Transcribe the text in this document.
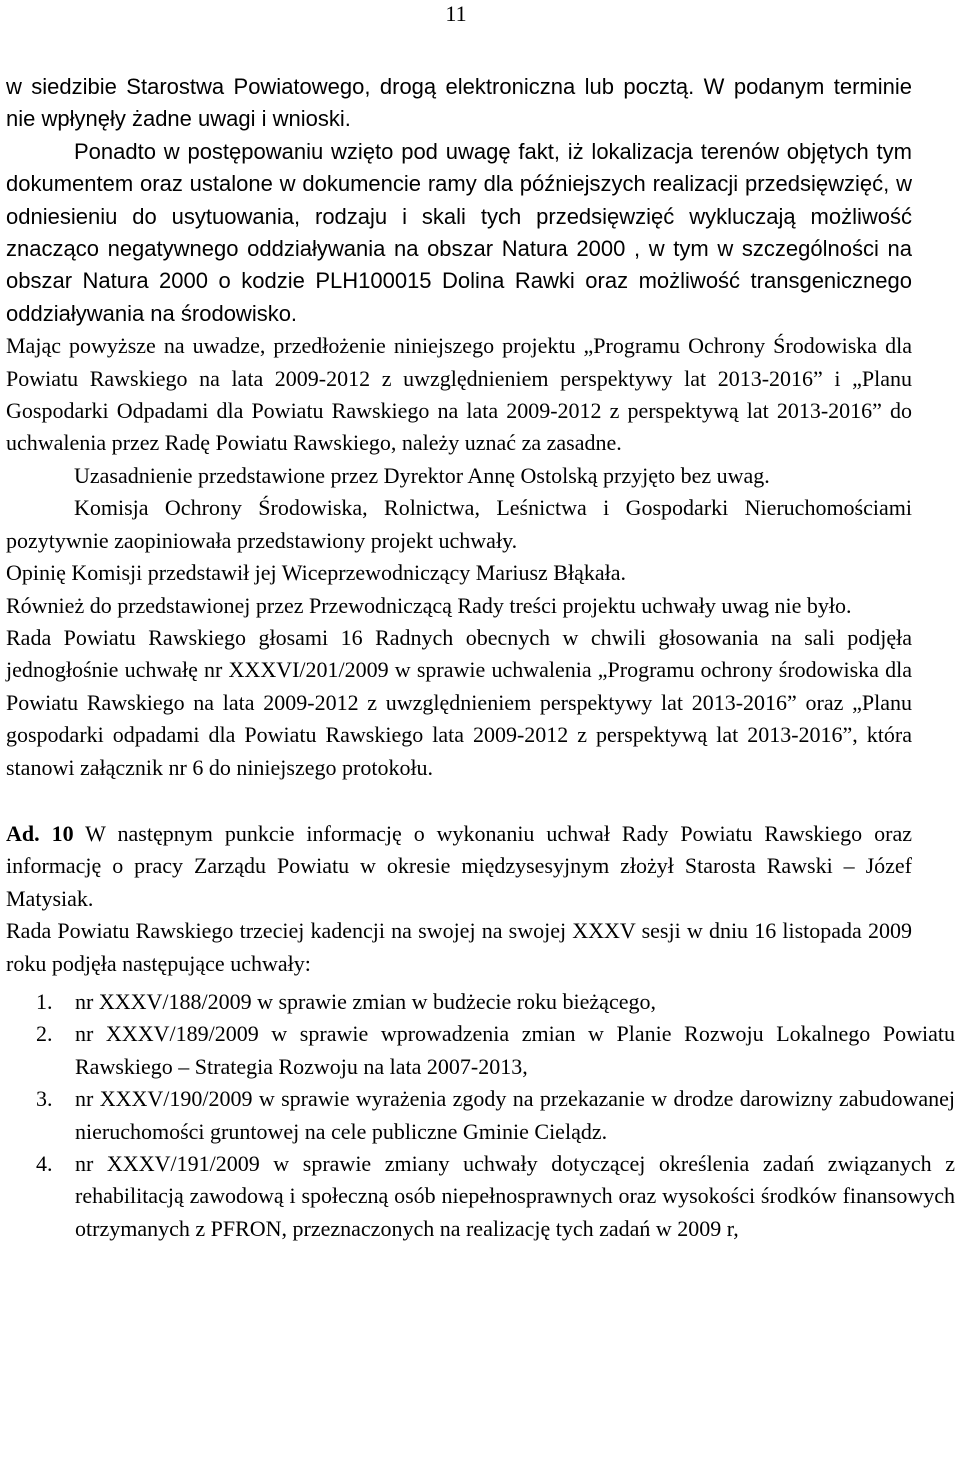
11

w siedzibie Starostwa Powiatowego, drogą elektroniczna lub pocztą. W podanym terminie nie wpłynęły żadne uwagi i wnioski.

Ponadto w postępowaniu wzięto pod uwagę fakt, iż lokalizacja terenów objętych tym dokumentem oraz ustalone w dokumencie ramy dla późniejszych realizacji przedsięwzięć, w odniesieniu do usytuowania, rodzaju i skali tych przedsięwzięć wykluczają możliwość znacząco negatywnego oddziaływania na obszar Natura 2000 , w tym w szczególności na obszar Natura 2000 o kodzie PLH100015 Dolina Rawki oraz możliwość transgenicznego oddziaływania na środowisko.

Mając powyższe na uwadze, przedłożenie niniejszego projektu „Programu Ochrony Środowiska dla Powiatu Rawskiego na lata 2009-2012 z uwzględnieniem perspektywy lat 2013-2016” i „Planu Gospodarki Odpadami dla Powiatu Rawskiego na lata 2009-2012 z perspektywą lat 2013-2016” do uchwalenia przez Radę Powiatu Rawskiego, należy uznać za zasadne.

Uzasadnienie przedstawione przez Dyrektor Annę Ostolską przyjęto bez uwag.

Komisja Ochrony Środowiska, Rolnictwa, Leśnictwa i Gospodarki Nieruchomościami pozytywnie zaopiniowała przedstawiony projekt uchwały.

Opinię Komisji przedstawił jej Wiceprzewodniczący Mariusz Błąkała.

Również do przedstawionej przez Przewodniczącą Rady treści projektu uchwały uwag nie było.

Rada Powiatu Rawskiego głosami 16 Radnych obecnych w chwili głosowania na sali podjęła jednogłośnie uchwałę nr XXXVI/201/2009 w sprawie uchwalenia „Programu ochrony środowiska dla Powiatu Rawskiego na lata 2009-2012 z uwzględnieniem perspektywy lat 2013-2016” oraz „Planu gospodarki odpadami dla Powiatu Rawskiego lata 2009-2012 z perspektywą lat 2013-2016”, która stanowi załącznik nr 6 do niniejszego protokołu.

Ad. 10 W następnym punkcie informację o wykonaniu uchwał Rady Powiatu Rawskiego oraz informację o pracy Zarządu Powiatu w okresie międzysesyjnym złożył Starosta Rawski – Józef Matysiak.

Rada Powiatu Rawskiego trzeciej kadencji na swojej na swojej XXXV sesji w dniu 16 listopada 2009 roku podjęła następujące uchwały:

1. nr XXXV/188/2009 w sprawie zmian w budżecie roku bieżącego,
2. nr XXXV/189/2009 w sprawie wprowadzenia zmian w Planie Rozwoju Lokalnego Powiatu Rawskiego – Strategia Rozwoju na lata 2007-2013,
3. nr XXXV/190/2009 w sprawie wyrażenia zgody na przekazanie w drodze darowizny zabudowanej nieruchomości gruntowej na cele publiczne Gminie Cielądz.
4. nr XXXV/191/2009 w sprawie zmiany uchwały dotyczącej określenia zadań związanych z rehabilitacją zawodową i społeczną osób niepełnosprawnych oraz wysokości środków finansowych otrzymanych z PFRON, przeznaczonych na realizację tych zadań w 2009 r,
